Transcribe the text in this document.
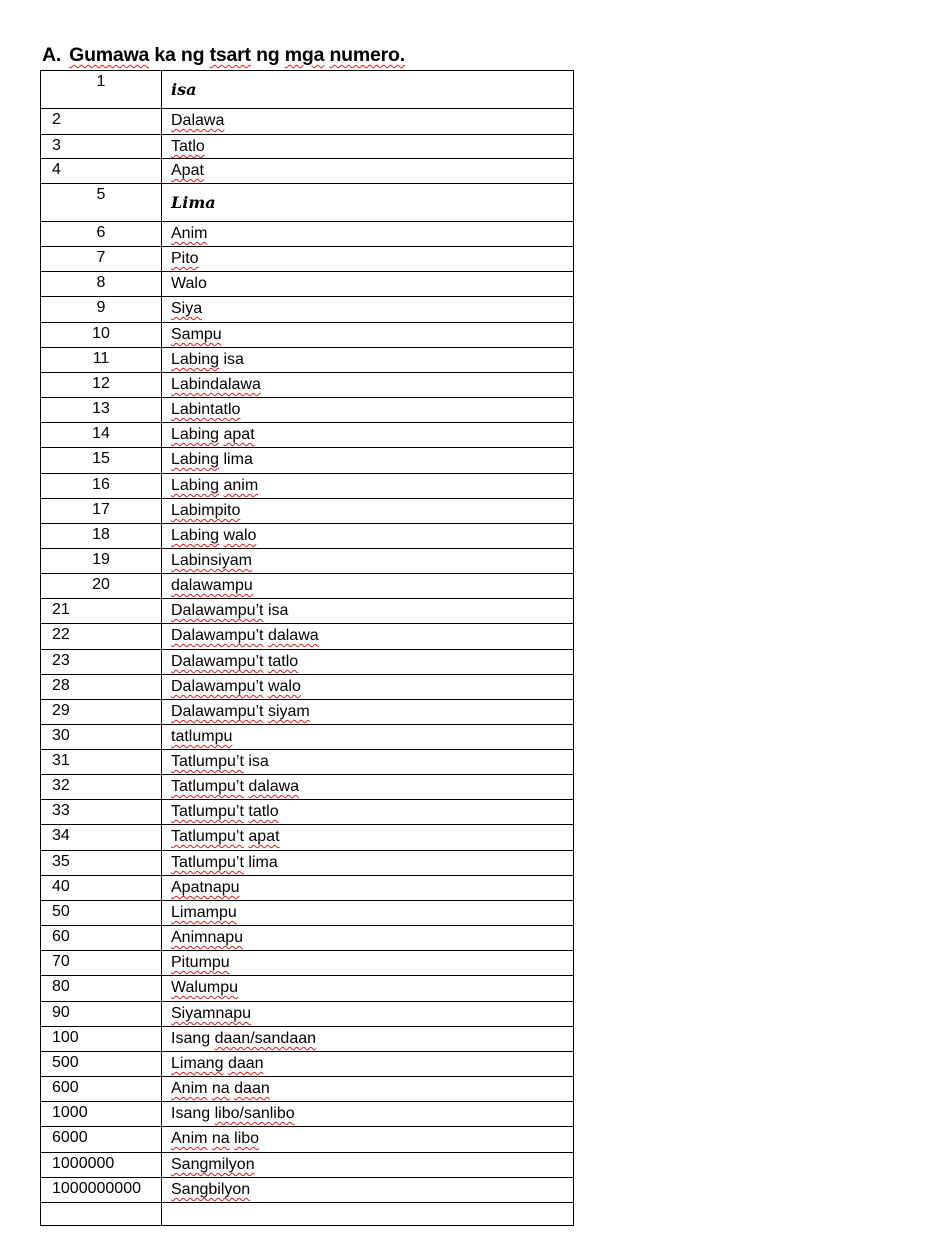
A. Gumawa ka ng tsart ng mga numero.
1	isa
2	Dalawa
3	Tatlo
4	Apat
5	Lima
6	Anim
7	Pito
8	Walo
9	Siya
10	Sampu
11	Labing isa
12	Labindalawa
13	Labintatlo
14	Labing apat
15	Labing lima
16	Labing anim
17	Labimpito
18	Labing walo
19	Labinsiyam
20	dalawampu
21	Dalawampu’t isa
22	Dalawampu’t dalawa
23	Dalawampu’t tatlo
28	Dalawampu’t walo
29	Dalawampu’t siyam
30	tatlumpu
31	Tatlumpu’t isa
32	Tatlumpu’t dalawa
33	Tatlumpu’t tatlo
34	Tatlumpu’t apat
35	Tatlumpu’t lima
40	Apatnapu
50	Limampu
60	Animnapu
70	Pitumpu
80	Walumpu
90	Siyamnapu
100	Isang daan/sandaan
500	Limang daan
600	Anim na daan
1000	Isang libo/sanlibo
6000	Anim na libo
1000000	Sangmilyon
1000000000	Sangbilyon
